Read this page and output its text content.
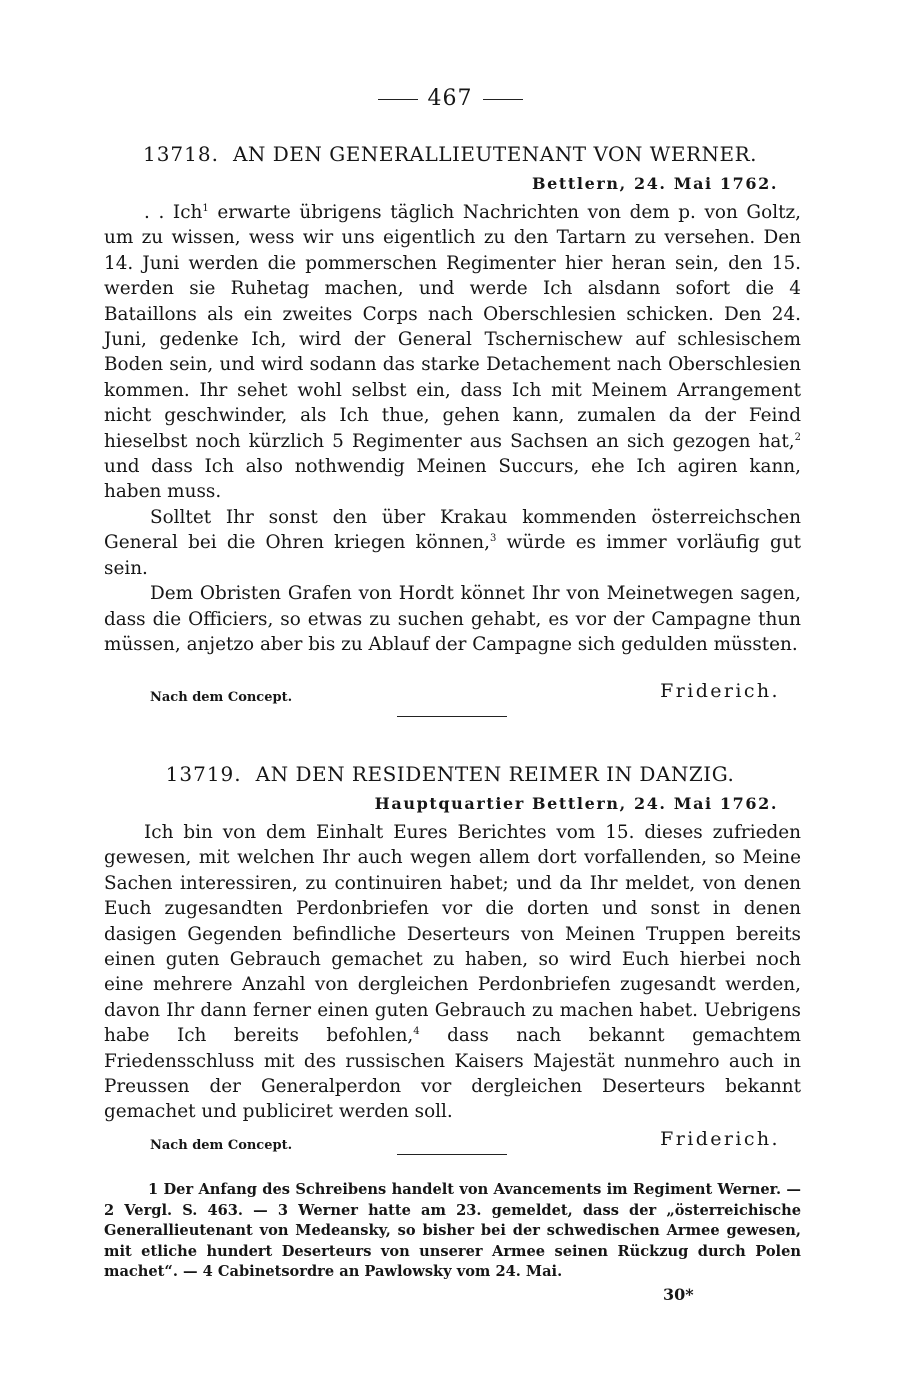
467
13718. AN DEN GENERALLIEUTENANT VON WERNER.
Bettlern, 24. Mai 1762.

. . Ich$^1$ erwarte übrigens täglich Nachrichten von dem p. von Goltz, um zu wissen, wess wir uns eigentlich zu den Tartarn zu versehen. Den 14. Juni werden die pommerschen Regimenter hier heran sein, den 15. werden sie Ruhetag machen, und werde Ich alsdann sofort die 4 Bataillons als ein zweites Corps nach Oberschlesien schicken. Den 24. Juni, gedenke Ich, wird der General Tschernischew auf schlesischem Boden sein, und wird sodann das starke Detachement nach Oberschlesien kommen. Ihr sehet wohl selbst ein, dass Ich mit Meinem Arrangement nicht geschwinder, als Ich thue, gehen kann, zumalen da der Feind hieselbst noch kürzlich 5 Regimenter aus Sachsen an sich gezogen hat,$^2$ und dass Ich also nothwendig Meinen Succurs, ehe Ich agiren kann, haben muss.

Solltet Ihr sonst den über Krakau kommenden österreichschen General bei die Ohren kriegen können,$^3$ würde es immer vorläufig gut sein.

Dem Obristen Grafen von Hordt könnet Ihr von Meinetwegen sagen, dass die Officiers, so etwas zu suchen gehabt, es vor der Campagne thun müssen, anjetzo aber bis zu Ablauf der Campagne sich gedulden müssten.

Nach dem Concept.	Friderich.
13719. AN DEN RESIDENTEN REIMER IN DANZIG.
Hauptquartier Bettlern, 24. Mai 1762.

Ich bin von dem Einhalt Eures Berichtes vom 15. dieses zufrieden gewesen, mit welchen Ihr auch wegen allem dort vorfallenden, so Meine Sachen interessiren, zu continuiren habet; und da Ihr meldet, von denen Euch zugesandten Perdonbriefen vor die dorten und sonst in denen dasigen Gegenden befindliche Deserteurs von Meinen Truppen bereits einen guten Gebrauch gemachet zu haben, so wird Euch hierbei noch eine mehrere Anzahl von dergleichen Perdonbriefen zugesandt werden, davon Ihr dann ferner einen guten Gebrauch zu machen habet. Uebrigens habe Ich bereits befohlen,$^4$ dass nach bekannt gemachtem Friedensschluss mit des russischen Kaisers Majestät nunmehro auch in Preussen der Generalperdon vor dergleichen Deserteurs bekannt gemachet und publiciret werden soll.

Nach dem Concept.	Friderich.

1 Der Anfang des Schreibens handelt von Avancements im Regiment Werner. — 2 Vergl. S. 463. — 3 Werner hatte am 23. gemeldet, dass der „österreichische Generallieutenant von Medeansky, so bisher bei der schwedischen Armee gewesen, mit etliche hundert Deserteurs von unserer Armee seinen Rückzug durch Polen machet“. — 4 Cabinetsordre an Pawlowsky vom 24. Mai.

30*
